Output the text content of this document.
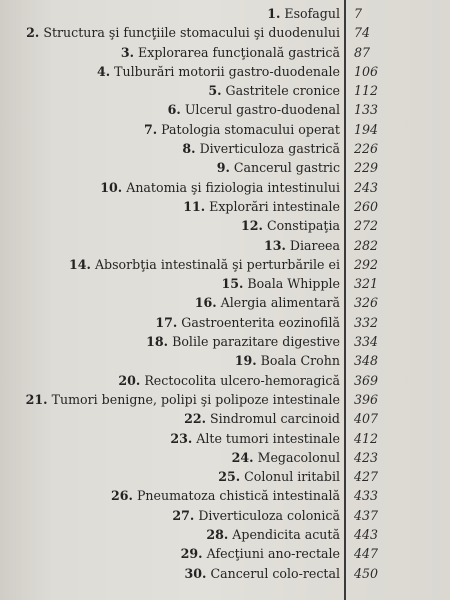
1. Esofagul 7
2. Structura şi funcţiile stomacului şi duodenului 74
3. Explorarea funcţională gastrică 87
4. Tulburări motorii gastro-duodenale 106
5. Gastritele cronice 112
6. Ulcerul gastro-duodenal 133
7. Patologia stomacului operat 194
8. Diverticuloza gastrică 226
9. Cancerul gastric 229
10. Anatomia şi fiziologia intestinului 243
11. Explorări intestinale 260
12. Constipaţia 272
13. Diareea 282
14. Absorbţia intestinală şi perturbările ei 292
15. Boala Whipple 321
16. Alergia alimentară 326
17. Gastroenterita eozinofilă 332
18. Bolile parazitare digestive 334
19. Boala Crohn 348
20. Rectocolita ulcero-hemoragică 369
21. Tumori benigne, polipi şi polipoze intestinale 396
22. Sindromul carcinoid 407
23. Alte tumori intestinale 412
24. Megacolonul 423
25. Colonul iritabil 427
26. Pneumatoza chistică intestinală 433
27. Diverticuloza colonică 437
28. Apendicita acută 443
29. Afecţiuni ano-rectale 447
30. Cancerul colo-rectal 450
